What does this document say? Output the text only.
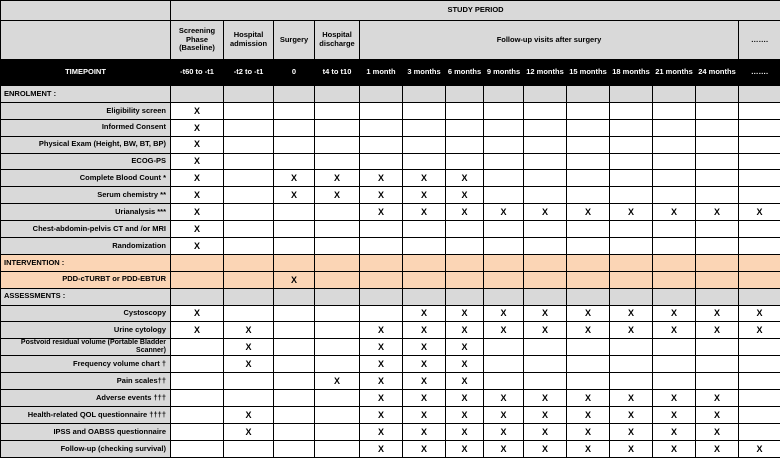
	STUDY PERIOD													
	Screening Phase (Baseline)	Hospital admission	Surgery	Hospital discharge	Follow-up visits after surgery									…….
TIMEPOINT	-t60 to -t1	-t2 to -t1	0	t4 to t10	1 month	3 months	6 months	9 months	12 months	15 months	18 months	21 months	24 months	…….
ENROLMENT :														
Eligibility screen	X													
Informed Consent	X													
Physical Exam (Height, BW, BT, BP)	X													
ECOG-PS	X													
Complete Blood Count *	X		X	X	X	X	X							
Serum chemistry **	X		X	X	X	X	X							
Urianalysis ***	X				X	X	X	X	X	X	X	X	X	X
Chest-abdomin-pelvis CT and /or MRI	X													
Randomization	X													
INTERVENTION :														
PDD-cTURBT or PDD-EBTUR			X											
ASSESSMENTS :														
Cystoscopy	X					X	X	X	X	X	X	X	X	X
Urine cytology	X	X			X	X	X	X	X	X	X	X	X	X
Postvoid residual volume (Portable Bladder Scanner)		X			X	X	X							
Frequency volume chart †		X			X	X	X							
Pain scales††				X	X	X	X							
Adverse events †††					X	X	X	X	X	X	X	X	X	
Health-related QOL questionnaire ††††		X			X	X	X	X	X	X	X	X	X	
IPSS and OABSS questionnaire		X			X	X	X	X	X	X	X	X	X	
Follow-up (checking survival)					X	X	X	X	X	X	X	X	X	X
